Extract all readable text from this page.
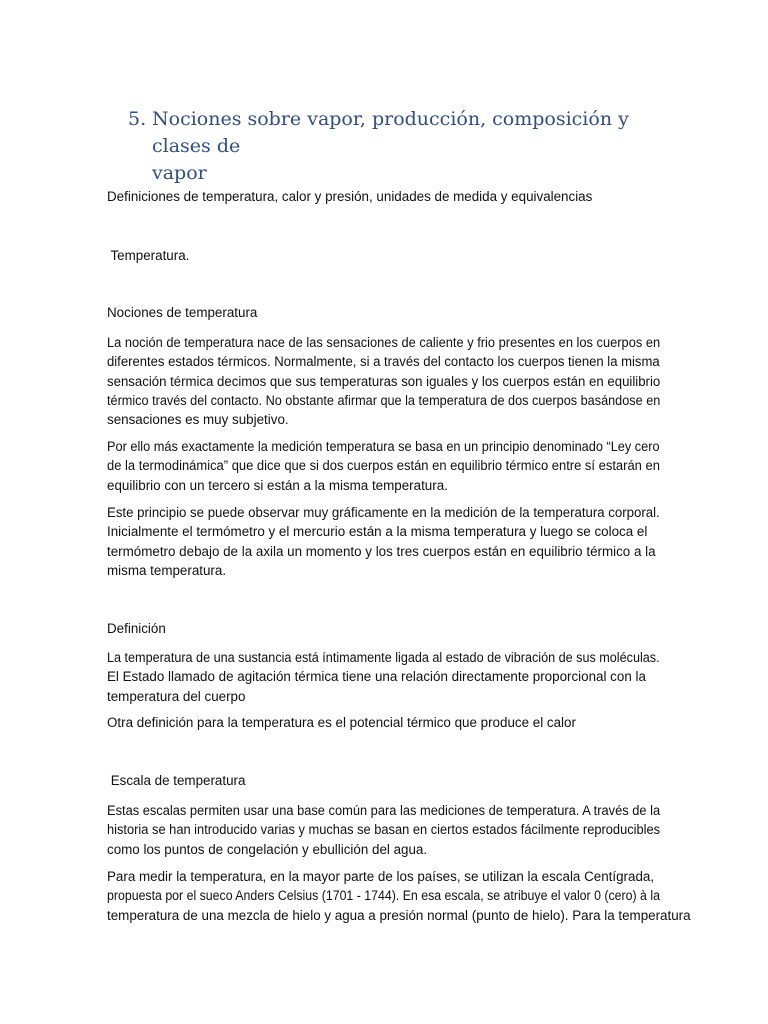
5. Nociones sobre vapor, producción, composición y clases de
vapor
Definiciones de temperatura, calor y presión, unidades de medida y equivalencias
Temperatura.
Nociones de temperatura
La noción de temperatura nace de las sensaciones de caliente y frio presentes en los cuerpos en
diferentes estados térmicos. Normalmente, si a través del contacto los cuerpos tienen la misma
sensación térmica decimos que sus temperaturas son iguales y los cuerpos están en equilibrio
térmico través del contacto. No obstante afirmar que la temperatura de dos cuerpos basándose en
sensaciones es muy subjetivo.
Por ello más exactamente la medición temperatura se basa en un principio denominado “Ley cero
de la termodinámica” que dice que si dos cuerpos están en equilibrio térmico entre sí estarán en
equilibrio con un tercero si están a la misma temperatura.
Este principio se puede observar muy gráficamente en la medición de la temperatura corporal.
Inicialmente el termómetro y el mercurio están a la misma temperatura y luego se coloca el
termómetro debajo de la axila un momento y los tres cuerpos están en equilibrio térmico a la
misma temperatura.
Definición
La temperatura de una sustancia está íntimamente ligada al estado de vibración de sus moléculas.
El Estado llamado de agitación térmica tiene una relación directamente proporcional con la
temperatura del cuerpo
Otra definición para la temperatura es el potencial térmico que produce el calor
Escala de temperatura
Estas escalas permiten usar una base común para las mediciones de temperatura. A través de la
historia se han introducido varias y muchas se basan en ciertos estados fácilmente reproducibles
como los puntos de congelación y ebullición del agua.
Para medir la temperatura, en la mayor parte de los países, se utilizan la escala Centígrada,
propuesta por el sueco Anders Celsius (1701 - 1744). En esa escala, se atribuye el valor 0 (cero) à la
temperatura de una mezcla de hielo y agua a presión normal (punto de hielo). Para la temperatura
